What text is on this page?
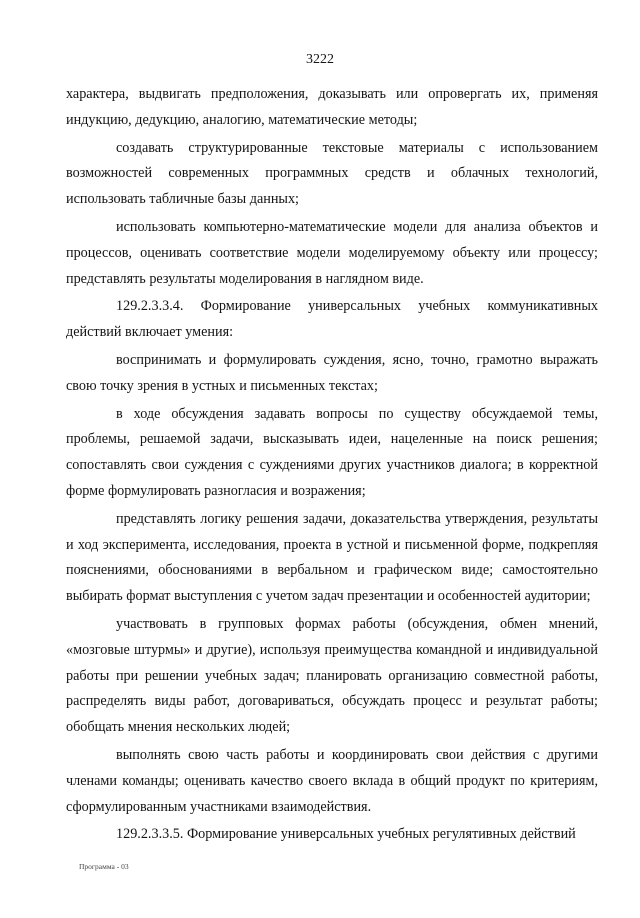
3222

характера, выдвигать предположения, доказывать или опровергать их, применяя индукцию, дедукцию, аналогию, математические методы;

создавать структурированные текстовые материалы с использованием возможностей современных программных средств и облачных технологий, использовать табличные базы данных;

использовать компьютерно-математические модели для анализа объектов и процессов, оценивать соответствие модели моделируемому объекту или процессу; представлять результаты моделирования в наглядном виде.

129.2.3.3.4. Формирование универсальных учебных коммуникативных действий включает умения:

воспринимать и формулировать суждения, ясно, точно, грамотно выражать свою точку зрения в устных и письменных текстах;

в ходе обсуждения задавать вопросы по существу обсуждаемой темы, проблемы, решаемой задачи, высказывать идеи, нацеленные на поиск решения; сопоставлять свои суждения с суждениями других участников диалога; в корректной форме формулировать разногласия и возражения;

представлять логику решения задачи, доказательства утверждения, результаты и ход эксперимента, исследования, проекта в устной и письменной форме, подкрепляя пояснениями, обоснованиями в вербальном и графическом виде; самостоятельно выбирать формат выступления с учетом задач презентации и особенностей аудитории;

участвовать в групповых формах работы (обсуждения, обмен мнений, «мозговые штурмы» и другие), используя преимущества командной и индивидуальной работы при решении учебных задач; планировать организацию совместной работы, распределять виды работ, договариваться, обсуждать процесс и результат работы; обобщать мнения нескольких людей;

выполнять свою часть работы и координировать свои действия с другими членами команды; оценивать качество своего вклада в общий продукт по критериям, сформулированным участниками взаимодействия.

129.2.3.3.5. Формирование универсальных учебных регулятивных действий

Программа - 03
